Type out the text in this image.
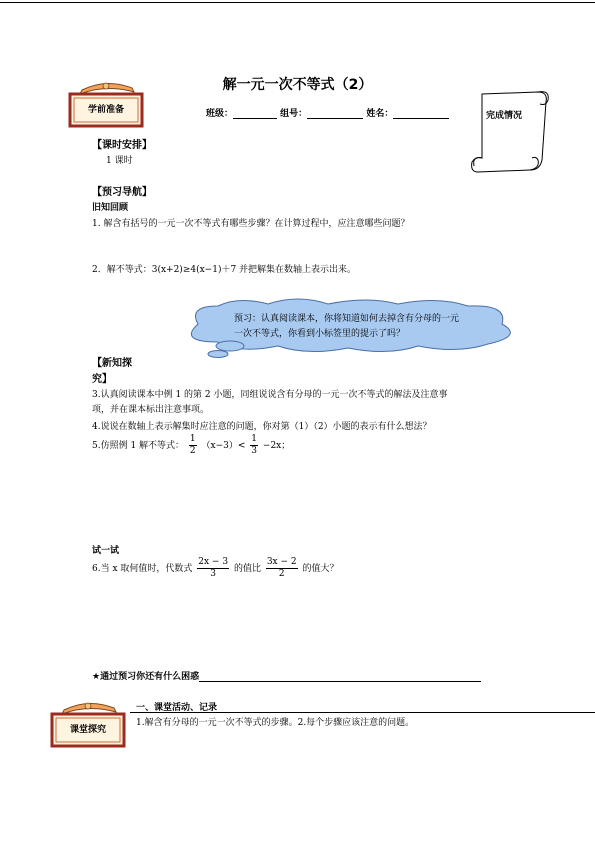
学前准备
解一元一次不等式（2）
班级：	组号：	姓名：	完成情况
【课时安排】
1 课时
【预习导航】
旧知回顾
1. 解含有括号的一元一次不等式有哪些步骤？在计算过程中，应注意哪些问题？
2．解不等式：3(x+2)≥4(x−1)＋7 并把解集在数轴上表示出来。
预习：认真阅读课本，你将知道如何去掉含有分母的一元
一次不等式，你看到小标签里的提示了吗？
【新知探
究】
3.认真阅读课本中例 1 的第 2 小题，同组说说含有分母的一元一次不等式的解法及注意事
项，并在课本标出注意事项。
4.说说在数轴上表示解集时应注意的问题，你对第（1）（2）小题的表示有什么想法？
5.仿照例 1 解不等式： $\frac{1}{2} (x-3)< \frac{1}{3} -2x$；
试一试
6.当 x 取何值时，代数式 $\frac{2x - 3}{3}$ 的值比 $\frac{3x - 2}{2}$ 的值大？
★通过预习你还有什么困惑
课堂探究
一、课堂活动、记录
1.解含有分母的一元一次不等式的步骤。2.每个步骤应该注意的问题。
